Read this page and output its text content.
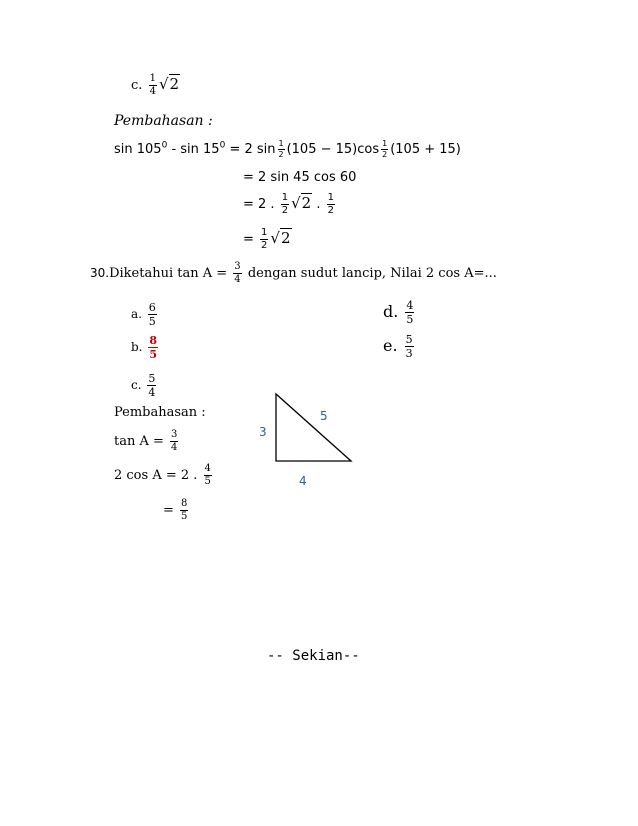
c. $\frac{1}{4} √2$
Pembahasan :
$\sin 105^0 - \sin 15^0 = 2$ $\sin \frac{1}{2} (105 - 15)\cos \frac{1}{2} (105 + 15)$
= 2 sin 45 cos 60
= 2 . $\frac{1}{2} √2$ . $\frac{1}{2}$
= $\frac{1}{2} √2$
30.Diketahui $\tan A = \frac{3}{4}$ dengan sudut lancip, Nilai 2 cos A=...
a. $\frac{6}{5}$
b. $\frac{8}{5}$
c. $\frac{5}{4}$
d. $\frac{4}{5}$
e. $\frac{5}{3}$
Pembahasan :
$\tan A = \frac{3}{4}$
2 cos A = 2 . $\frac{4}{5}$
= $\frac{8}{5}$
3
5
4
-- Sekian--
